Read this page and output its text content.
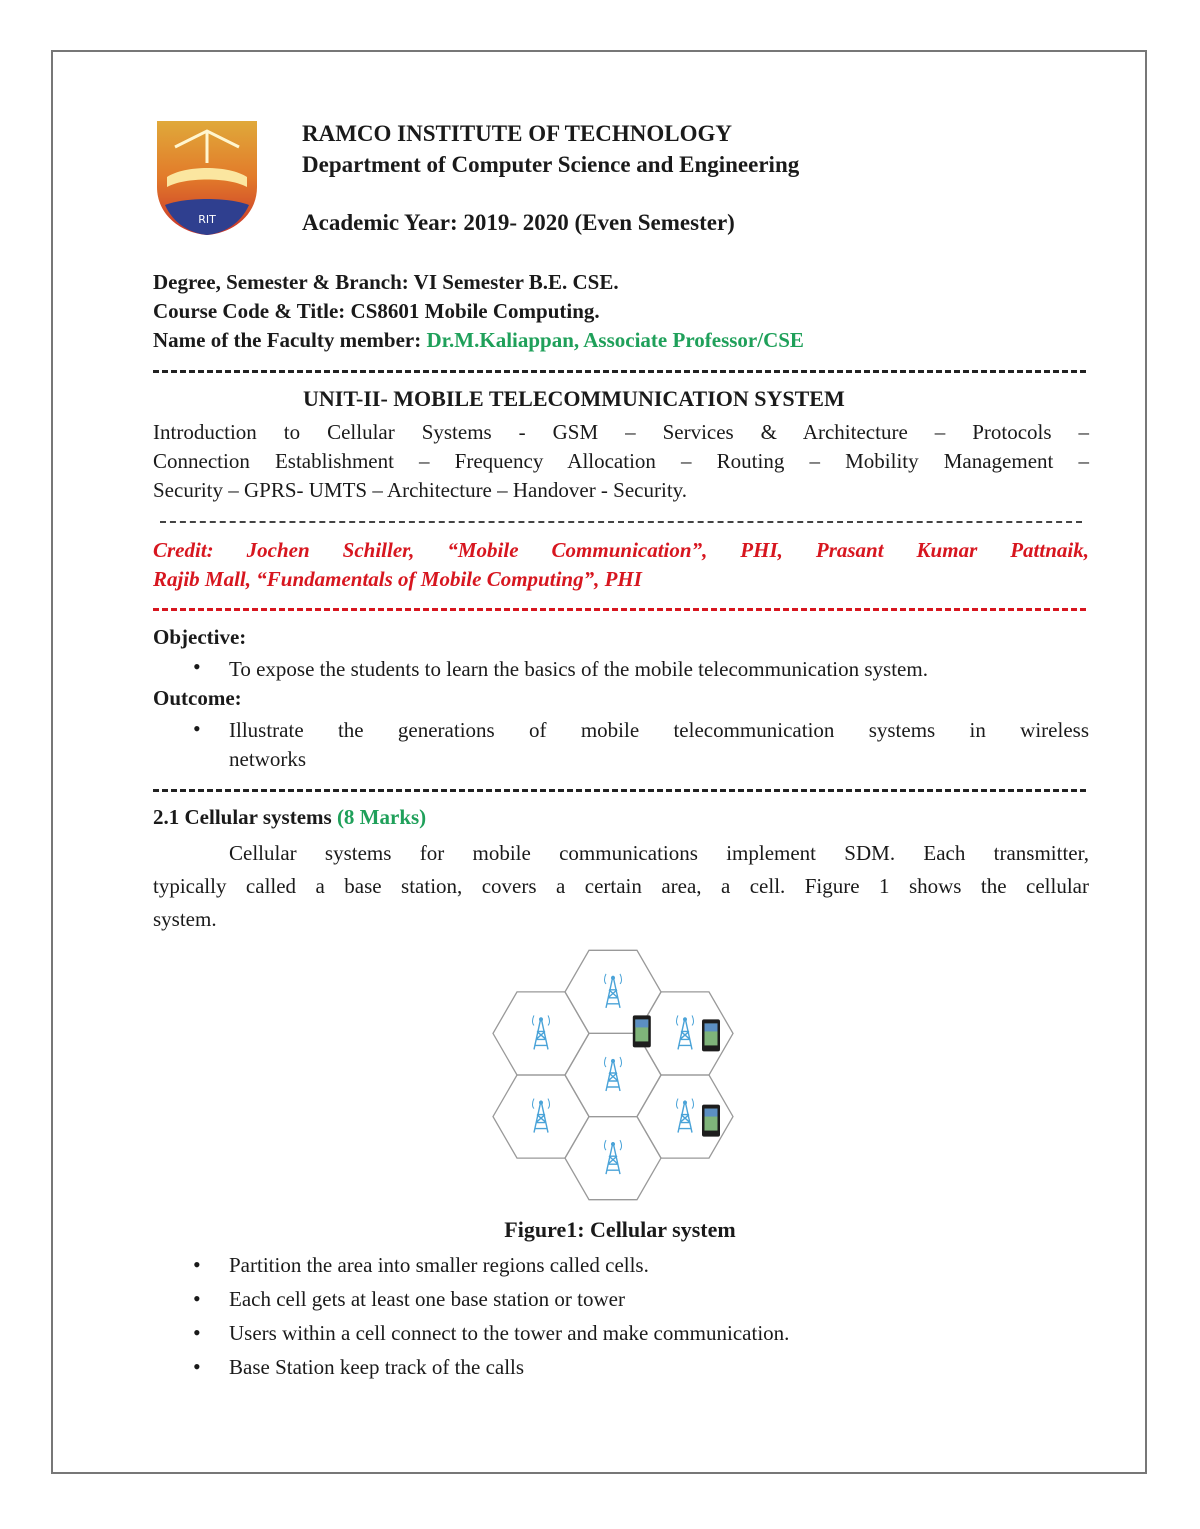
RIT
RAMCO INSTITUTE OF TECHNOLOGY
Department of Computer Science and Engineering
Academic Year: 2019- 2020 (Even Semester)
Degree, Semester & Branch: VI Semester B.E. CSE.
Course Code & Title: CS8601 Mobile Computing.
Name of the Faculty member: Dr.M.Kaliappan, Associate Professor/CSE
UNIT-II- MOBILE TELECOMMUNICATION SYSTEM
Introduction to Cellular Systems - GSM – Services & Architecture – Protocols –
Connection Establishment – Frequency Allocation – Routing – Mobility Management –
Security – GPRS- UMTS – Architecture – Handover - Security.
Credit: Jochen Schiller, “Mobile Communication”, PHI, Prasant Kumar Pattnaik,
Rajib Mall, “Fundamentals of Mobile Computing”, PHI
Objective:
• To expose the students to learn the basics of the mobile telecommunication system.
Outcome:
• Illustrate the generations of mobile telecommunication systems in wireless
networks
2.1 Cellular systems (8 Marks)
Cellular systems for mobile communications implement SDM. Each transmitter,
typically called a base station, covers a certain area, a cell. Figure 1 shows the cellular
system.
Figure1: Cellular system
• Partition the area into smaller regions called cells.
• Each cell gets at least one base station or tower
• Users within a cell connect to the tower and make communication.
• Base Station keep track of the calls
